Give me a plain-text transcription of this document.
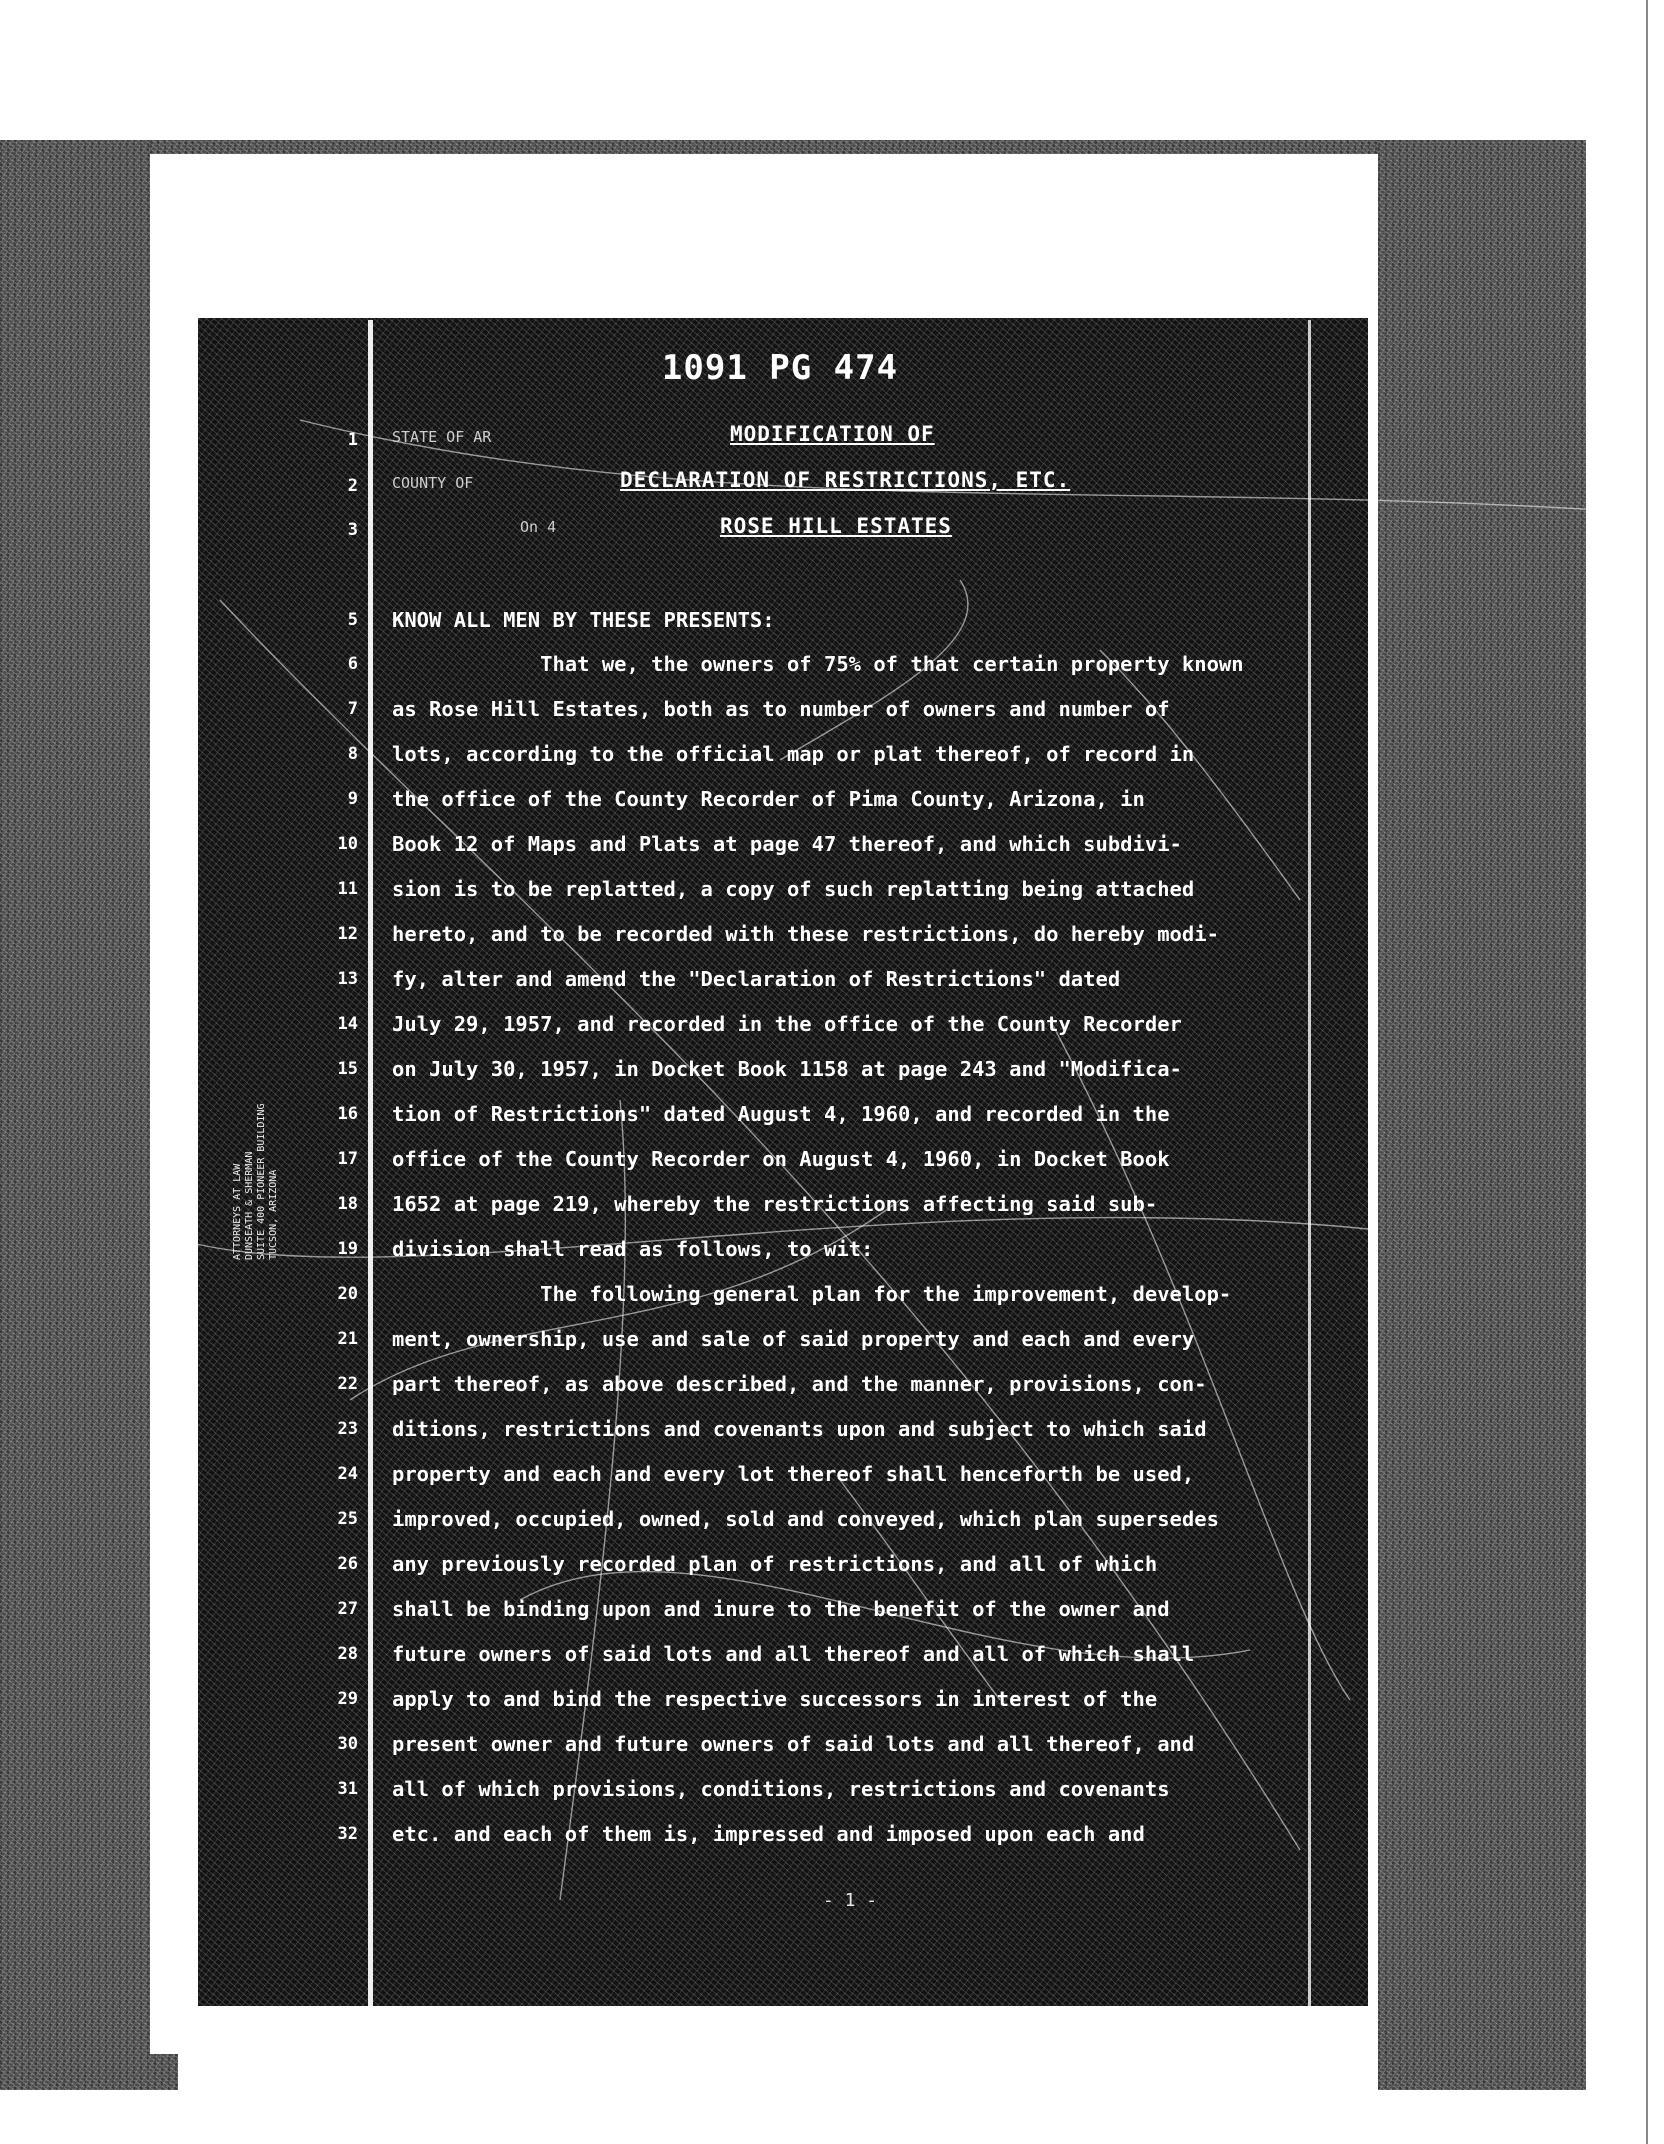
ATTORNEYS AT LAW DUNSEATH & SHERMAN SUITE 400 PIONEER BUILDING TUCSON, ARIZONA
1091 PG 474
STATE OF AR
COUNTY OF
On 4
MODIFICATION OF
DECLARATION OF RESTRICTIONS, ETC.
ROSE HILL ESTATES
1
2
3
5 KNOW ALL MEN BY THESE PRESENTS:
6 That we, the owners of 75% of that certain property known
7 as Rose Hill Estates, both as to number of owners and number of
8 lots, according to the official map or plat thereof, of record in
9 the office of the County Recorder of Pima County, Arizona, in
10 Book 12 of Maps and Plats at page 47 thereof, and which subdivi-
11 sion is to be replatted, a copy of such replatting being attached
12 hereto, and to be recorded with these restrictions, do hereby modi-
13 fy, alter and amend the "Declaration of Restrictions" dated
14 July 29, 1957, and recorded in the office of the County Recorder
15 on July 30, 1957, in Docket Book 1158 at page 243 and "Modifica-
16 tion of Restrictions" dated August 4, 1960, and recorded in the
17 office of the County Recorder on August 4, 1960, in Docket Book
18 1652 at page 219, whereby the restrictions affecting said sub-
19 division shall read as follows, to wit:
20 The following general plan for the improvement, develop-
21 ment, ownership, use and sale of said property and each and every
22 part thereof, as above described, and the manner, provisions, con-
23 ditions, restrictions and covenants upon and subject to which said
24 property and each and every lot thereof shall henceforth be used,
25 improved, occupied, owned, sold and conveyed, which plan supersedes
26 any previously recorded plan of restrictions, and all of which
27 shall be binding upon and inure to the benefit of the owner and
28 future owners of said lots and all thereof and all of which shall
29 apply to and bind the respective successors in interest of the
30 present owner and future owners of said lots and all thereof, and
31 all of which provisions, conditions, restrictions and covenants
32 etc. and each of them is, impressed and imposed upon each and
- 1 -
